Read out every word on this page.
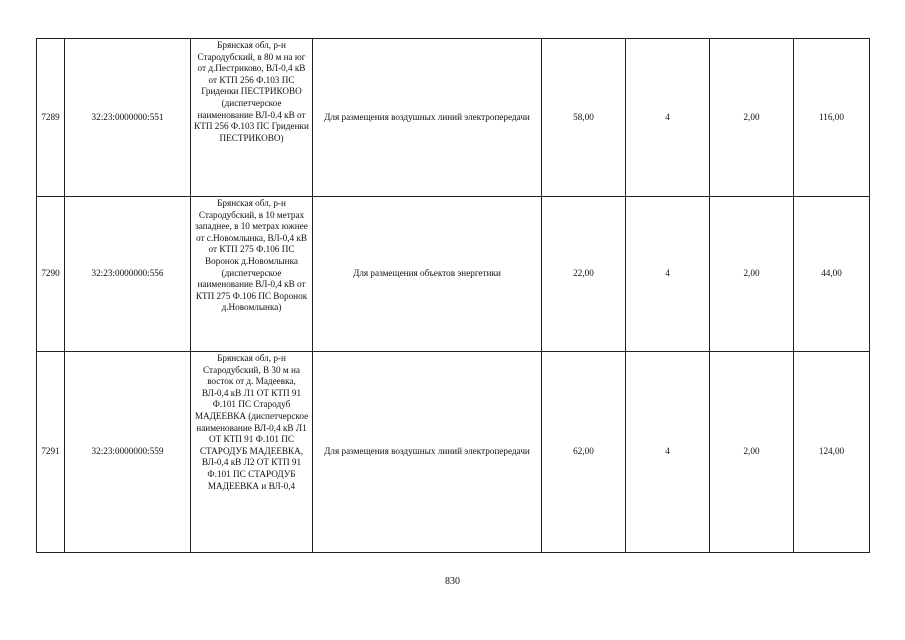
7289	32:23:0000000:551	Брянская обл, р-н Стародубский, в 80 м на юг от д.Пестриково, ВЛ-0,4 кВ от КТП 256 Ф.103 ПС Гриденки ПЕСТРИКОВО (диспетчерское наименование ВЛ-0.4 кВ от КТП 256 Ф.103 ПС Гриденки ПЕСТРИКОВО)	Для размещения воздушных линий электропередачи	58,00	4	2,00	116,00
7290	32:23:0000000:556	Брянская обл, р-н Стародубский, в 10 метрах западнее, в 10 метрах южнее от с.Новомлынка, ВЛ-0,4 кВ от КТП 275 Ф.106 ПС Воронок д.Новомлынка (диспетчерское наименование ВЛ-0,4 кВ от КТП 275 Ф.106 ПС Воронок д.Новомлынка)	Для размещения объектов энергетики	22,00	4	2,00	44,00
7291	32:23:0000000:559	Брянская обл, р-н Стародубский, В 30 м на восток от д. Мадеевка, ВЛ-0,4 кВ Л1 ОТ КТП 91 Ф.101 ПС Стародуб МАДЕЕВКА (диспетчерское наименование ВЛ-0,4 кВ Л1 ОТ КТП 91 Ф.101 ПС СТАРОДУБ МАДЕЕВКА, ВЛ-0,4 кВ Л2 ОТ КТП 91 Ф.101 ПС СТАРОДУБ МАДЕЕВКА и ВЛ-0,4	Для размещения воздушных линий электропередачи	62,00	4	2,00	124,00
830
